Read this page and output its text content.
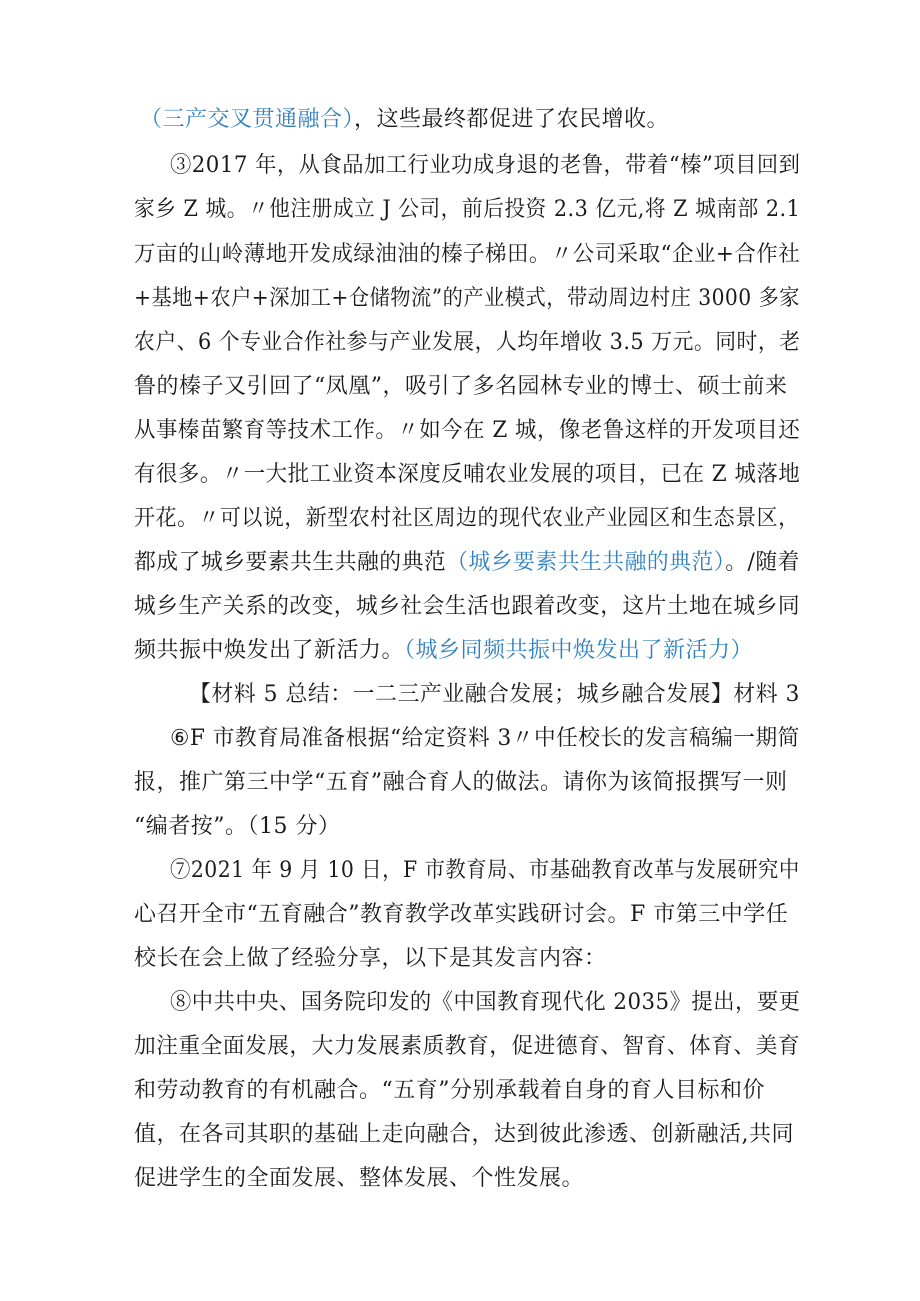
（三产交叉贯通融合），这些最终都促进了农民增收。
③2017 年，从食品加工行业功成身退的老鲁，带着“榛”项目回到
家乡 Z 城。〃他注册成立 J 公司，前后投资 2.3 亿元,将 Z 城南部 2.1
万亩的山岭薄地开发成绿油油的榛子梯田。〃公司采取“企业+合作社
+基地+农户+深加工+仓储物流”的产业模式，带动周边村庄 3000 多家
农户、6 个专业合作社参与产业发展，人均年增收 3.5 万元。同时，老
鲁的榛子又引回了“凤凰”，吸引了多名园林专业的博士、硕士前来
从事榛苗繁育等技术工作。〃如今在 Z 城，像老鲁这样的开发项目还
有很多。〃一大批工业资本深度反哺农业发展的项目，已在 Z 城落地
开花。〃可以说，新型农村社区周边的现代农业产业园区和生态景区，
都成了城乡要素共生共融的典范（城乡要素共生共融的典范）。/随着
城乡生产关系的改变，城乡社会生活也跟着改变，这片土地在城乡同
频共振中焕发出了新活力。（城乡同频共振中焕发出了新活力）
【材料 5 总结：一二三产业融合发展；城乡融合发展】材料 3
⑥F 市教育局准备根据“给定资料 3〃中任校长的发言稿编一期简
报，推广第三中学“五育”融合育人的做法。请你为该简报撰写一则
“编者按”。（15 分）
⑦2021 年 9 月 10 日，F 市教育局、市基础教育改革与发展研究中
心召开全市“五育融合”教育教学改革实践研讨会。F 市第三中学任
校长在会上做了经验分享，以下是其发言内容：
⑧中共中央、国务院印发的《中国教育现代化 2035》提出，要更
加注重全面发展，大力发展素质教育，促进德育、智育、体育、美育
和劳动教育的有机融合。“五育”分别承载着自身的育人目标和价
值，在各司其职的基础上走向融合，达到彼此渗透、创新融活,共同
促进学生的全面发展、整体发展、个性发展。
